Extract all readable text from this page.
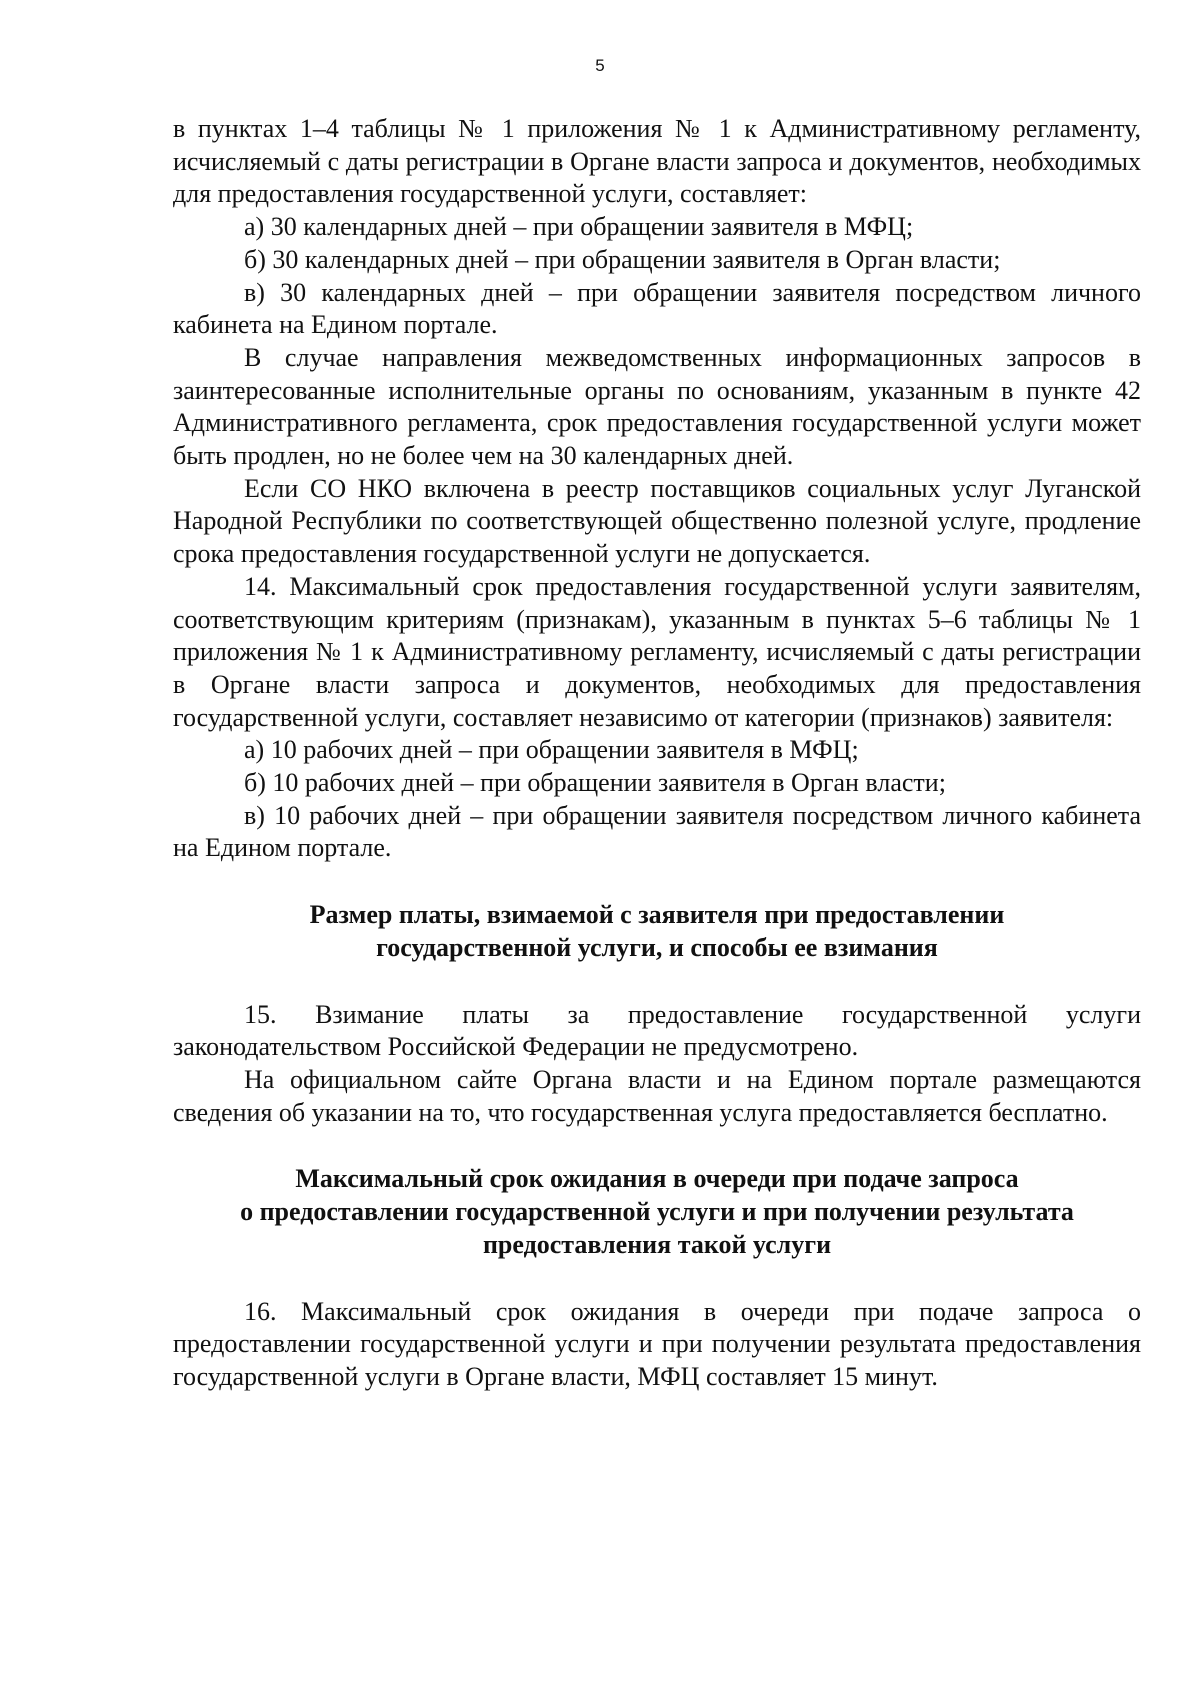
5

в пунктах 1–4 таблицы № 1 приложения № 1 к Административному регламенту, исчисляемый с даты регистрации в Органе власти запроса и документов, необходимых для предоставления государственной услуги, составляет:

а) 30 календарных дней – при обращении заявителя в МФЦ;

б) 30 календарных дней – при обращении заявителя в Орган власти;

в) 30 календарных дней – при обращении заявителя посредством личного кабинета на Едином портале.

В случае направления межведомственных информационных запросов в заинтересованные исполнительные органы по основаниям, указанным в пункте 42 Административного регламента, срок предоставления государственной услуги может быть продлен, но не более чем на 30 календарных дней.

Если СО НКО включена в реестр поставщиков социальных услуг Луганской Народной Республики по соответствующей общественно полезной услуге, продление срока предоставления государственной услуги не допускается.

14. Максимальный срок предоставления государственной услуги заявителям, соответствующим критериям (признакам), указанным в пунктах 5–6 таблицы № 1 приложения № 1 к Административному регламенту, исчисляемый с даты регистрации в Органе власти запроса и документов, необходимых для предоставления государственной услуги, составляет независимо от категории (признаков) заявителя:

а) 10 рабочих дней – при обращении заявителя в МФЦ;

б) 10 рабочих дней – при обращении заявителя в Орган власти;

в) 10 рабочих дней – при обращении заявителя посредством личного кабинета на Едином портале.

Размер платы, взимаемой с заявителя при предоставлении
государственной услуги, и способы ее взимания

15. Взимание платы за предоставление государственной услуги законодательством Российской Федерации не предусмотрено.

На официальном сайте Органа власти и на Едином портале размещаются сведения об указании на то, что государственная услуга предоставляется бесплатно.

Максимальный срок ожидания в очереди при подаче запроса
о предоставлении государственной услуги и при получении результата
предоставления такой услуги

16. Максимальный срок ожидания в очереди при подаче запроса о предоставлении государственной услуги и при получении результата предоставления государственной услуги в Органе власти, МФЦ составляет 15 минут.
